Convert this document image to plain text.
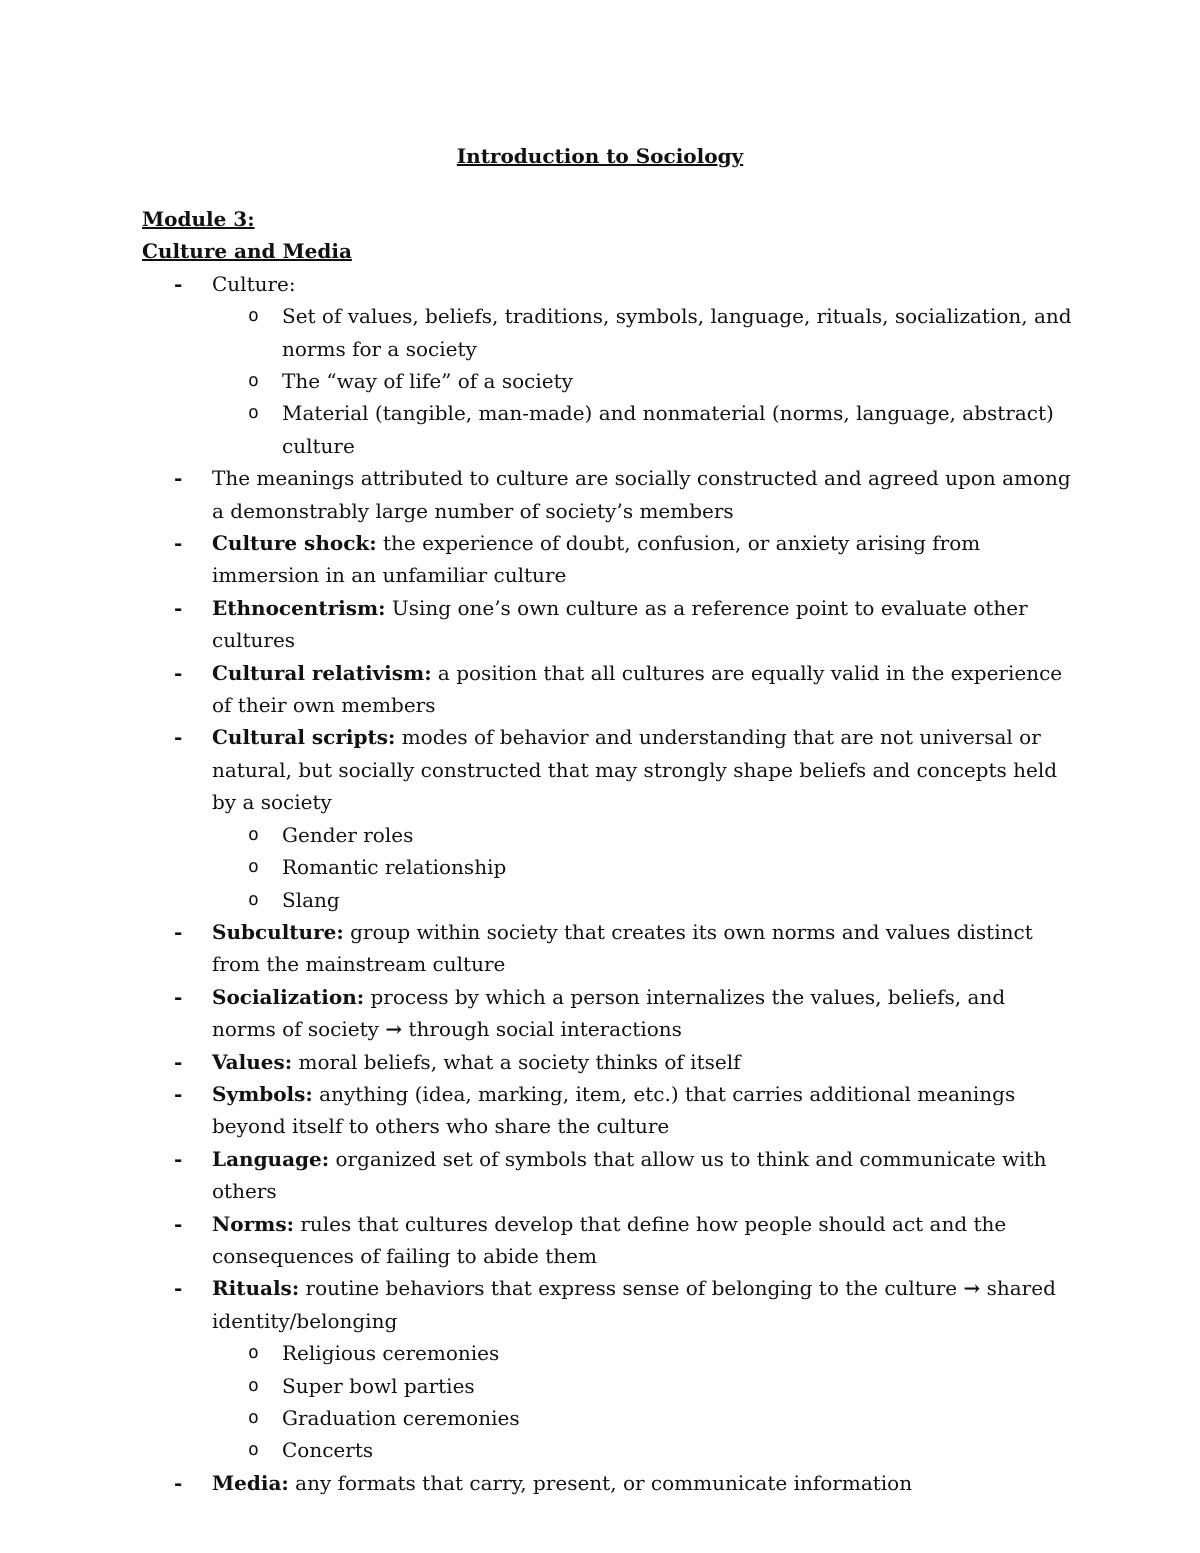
Introduction to Sociology
Module 3:
Culture and Media
- Culture:
o Set of values, beliefs, traditions, symbols, language, rituals, socialization, and norms for a society
o The “way of life” of a society
o Material (tangible, man-made) and nonmaterial (norms, language, abstract) culture
- The meanings attributed to culture are socially constructed and agreed upon among a demonstrably large number of society’s members
- Culture shock: the experience of doubt, confusion, or anxiety arising from immersion in an unfamiliar culture
- Ethnocentrism: Using one’s own culture as a reference point to evaluate other cultures
- Cultural relativism: a position that all cultures are equally valid in the experience of their own members
- Cultural scripts: modes of behavior and understanding that are not universal or natural, but socially constructed that may strongly shape beliefs and concepts held by a society
o Gender roles
o Romantic relationship
o Slang
- Subculture: group within society that creates its own norms and values distinct from the mainstream culture
- Socialization: process by which a person internalizes the values, beliefs, and norms of society → through social interactions
- Values: moral beliefs, what a society thinks of itself
- Symbols: anything (idea, marking, item, etc.) that carries additional meanings beyond itself to others who share the culture
- Language: organized set of symbols that allow us to think and communicate with others
- Norms: rules that cultures develop that define how people should act and the consequences of failing to abide them
- Rituals: routine behaviors that express sense of belonging to the culture → shared identity/belonging
o Religious ceremonies
o Super bowl parties
o Graduation ceremonies
o Concerts
- Media: any formats that carry, present, or communicate information
